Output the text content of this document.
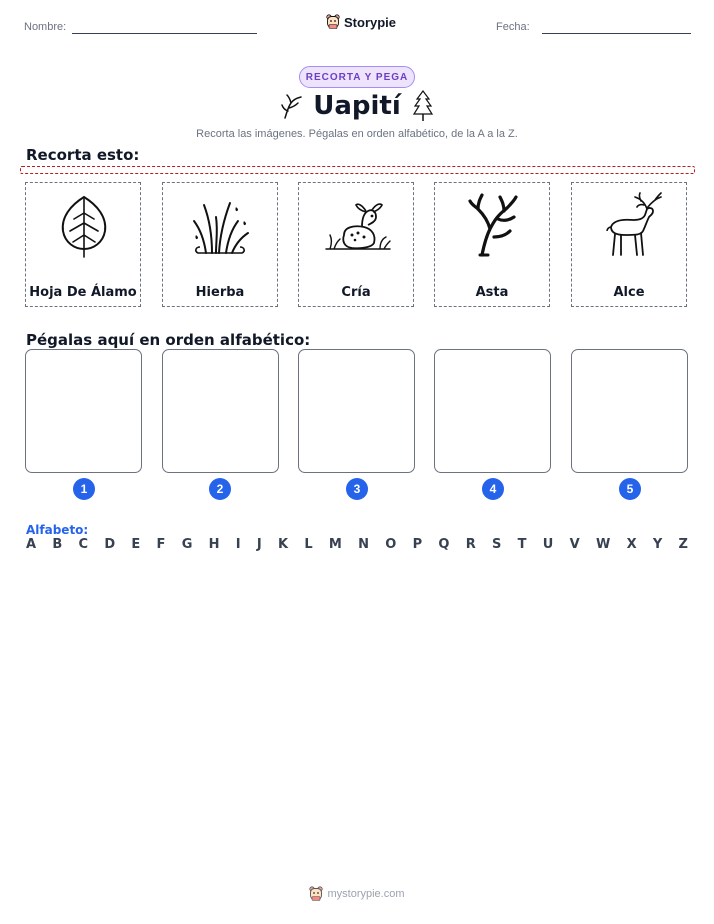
Nombre:	Storypie	Fecha:
RECORTA Y PEGA
Uapití
Recorta las imágenes. Pégalas en orden alfabético, de la A a la Z.
Recorta esto:
Hoja De Álamo	Hierba	Cría	Asta	Alce
Pégalas aquí en orden alfabético:
1	2	3	4	5
Alfabeto:
A B C D E F G H I J K L M N O P Q R S T U V W X Y Z
mystorypie.com
